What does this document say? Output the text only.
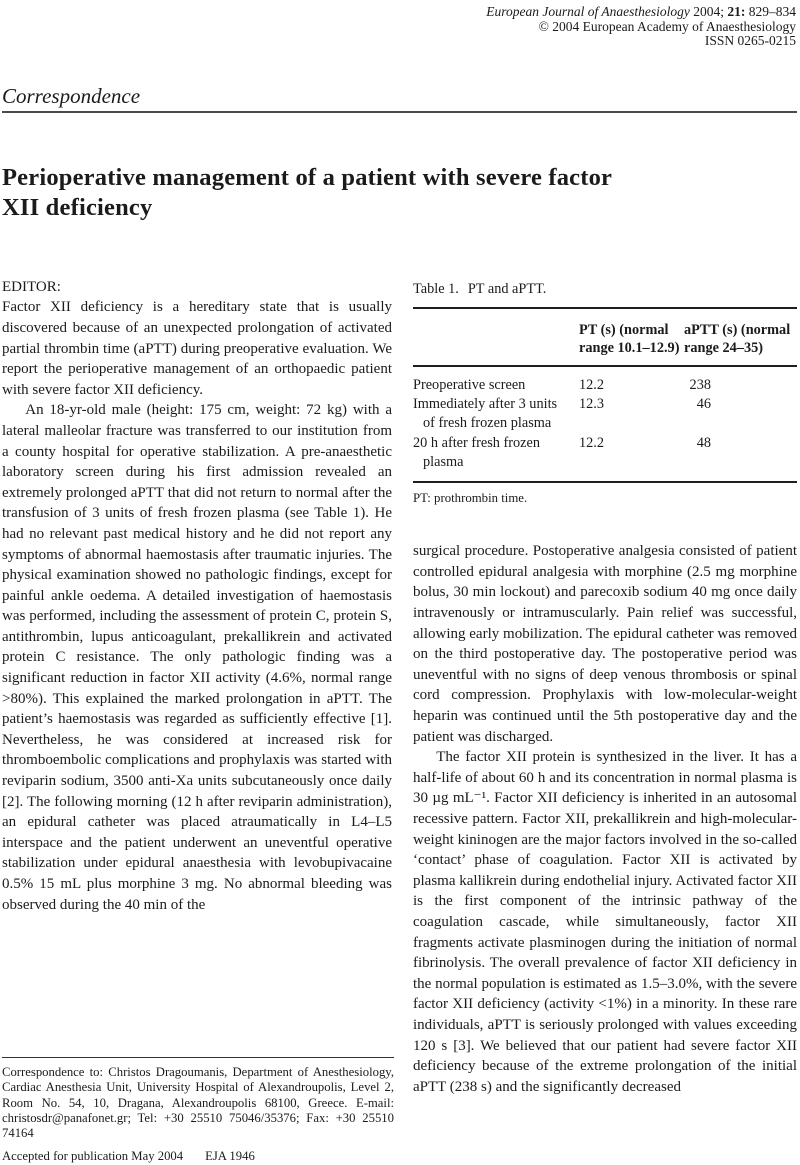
European Journal of Anaesthesiology 2004; 21: 829–834
© 2004 European Academy of Anaesthesiology
ISSN 0265-0215
Correspondence
Perioperative management of a patient with severe factor XII deficiency
EDITOR:

Factor XII deficiency is a hereditary state that is usually discovered because of an unexpected prolongation of activated partial thrombin time (aPTT) during preoperative evaluation. We report the perioperative management of an orthopaedic patient with severe factor XII deficiency.

An 18-yr-old male (height: 175 cm, weight: 72 kg) with a lateral malleolar fracture was transferred to our institution from a county hospital for operative stabilization. A pre-anaesthetic laboratory screen during his first admission revealed an extremely prolonged aPTT that did not return to normal after the transfusion of 3 units of fresh frozen plasma (see Table 1). He had no relevant past medical history and he did not report any symptoms of abnormal haemostasis after traumatic injuries. The physical examination showed no pathologic findings, except for painful ankle oedema. A detailed investigation of haemostasis was performed, including the assessment of protein C, protein S, antithrombin, lupus anticoagulant, prekallikrein and activated protein C resistance. The only pathologic finding was a significant reduction in factor XII activity (4.6%, normal range >80%). This explained the marked prolongation in aPTT. The patient’s haemostasis was regarded as sufficiently effective [1]. Nevertheless, he was considered at increased risk for thromboembolic complications and prophylaxis was started with reviparin sodium, 3500 anti-Xa units subcutaneously once daily [2]. The following morning (12 h after reviparin administration), an epidural catheter was placed atraumatically in L4–L5 interspace and the patient underwent an uneventful operative stabilization under epidural anaesthesia with levobupivacaine 0.5% 15 mL plus morphine 3 mg. No abnormal bleeding was observed during the 40 min of the

Table 1. PT and aPTT.
	PT (s) (normal range 10.1–12.9)	aPTT (s) (normal range 24–35)

Preoperative screen	12.2	238

Immediately after 3 units of fresh frozen plasma	12.3	46

20 h after fresh frozen plasma	12.2	48
PT: prothrombin time.

surgical procedure. Postoperative analgesia consisted of patient controlled epidural analgesia with morphine (2.5 mg morphine bolus, 30 min lockout) and parecoxib sodium 40 mg once daily intravenously or intramuscularly. Pain relief was successful, allowing early mobilization. The epidural catheter was removed on the third postoperative day. The postoperative period was uneventful with no signs of deep venous thrombosis or spinal cord compression. Prophylaxis with low-molecular-weight heparin was continued until the 5th postoperative day and the patient was discharged.

The factor XII protein is synthesized in the liver. It has a half-life of about 60 h and its concentration in normal plasma is 30 µg mL⁻¹. Factor XII deficiency is inherited in an autosomal recessive pattern. Factor XII, prekallikrein and high-molecular-weight kininogen are the major factors involved in the so-called ‘contact’ phase of coagulation. Factor XII is activated by plasma kallikrein during endothelial injury. Activated factor XII is the first component of the intrinsic pathway of the coagulation cascade, while simultaneously, factor XII fragments activate plasminogen during the initiation of normal fibrinolysis. The overall prevalence of factor XII deficiency in the normal population is estimated as 1.5–3.0%, with the severe factor XII deficiency (activity <1%) in a minority. In these rare individuals, aPTT is seriously prolonged with values exceeding 120 s [3]. We believed that our patient had severe factor XII deficiency because of the extreme prolongation of the initial aPTT (238 s) and the significantly decreased

Correspondence to: Christos Dragoumanis, Department of Anesthesiology, Cardiac Anesthesia Unit, University Hospital of Alexandroupolis, Level 2, Room No. 54, 10, Dragana, Alexandroupolis 68100, Greece. E-mail: christosdr@panafonet.gr; Tel: +30 25510 75046/35376; Fax: +30 25510 74164
Accepted for publication May 2004 EJA 1946
